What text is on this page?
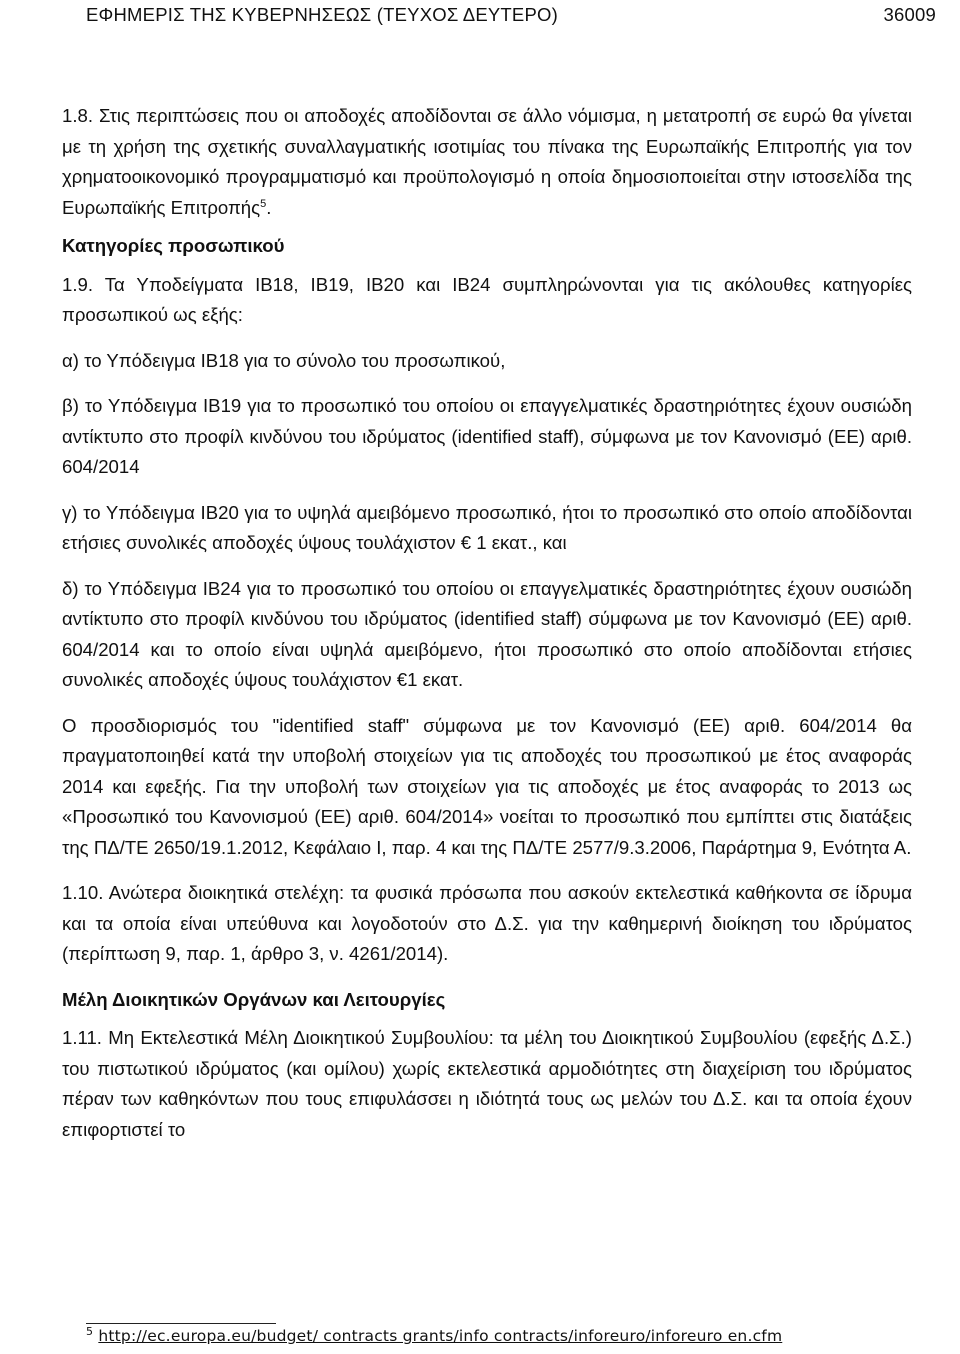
ΕΦΗΜΕΡΙΣ ΤΗΣ ΚΥΒΕΡΝΗΣΕΩΣ (ΤΕΥΧΟΣ ΔΕΥΤΕΡΟ)	36009

1.8. Στις περιπτώσεις που οι αποδοχές αποδίδονται σε άλλο νόμισμα, η μετατροπή σε ευρώ θα γίνεται με τη χρήση της σχετικής συναλλαγματικής ισοτιμίας του πίνακα της Ευρωπαϊκής Επιτροπής για τον χρηματοοικονομικό προγραμματισμό και προϋπολογισμό η οποία δημοσιοποιείται στην ιστοσελίδα της Ευρωπαϊκής Επιτροπής$^5$.

Κατηγορίες προσωπικού

1.9. Τα Υποδείγματα IB18, IB19, IB20 και IB24 συμπληρώνονται για τις ακόλουθες κατηγορίες προσωπικού ως εξής:

α) το Υπόδειγμα IB18 για το σύνολο του προσωπικού,

β) το Υπόδειγμα IB19 για το προσωπικό του οποίου οι επαγγελματικές δραστηριότητες έχουν ουσιώδη αντίκτυπο στο προφίλ κινδύνου του ιδρύματος (identified staff), σύμφωνα με τον Κανονισμό (ΕΕ) αριθ. 604/2014

γ) το Υπόδειγμα IB20 για το υψηλά αμειβόμενο προσωπικό, ήτοι το προσωπικό στο οποίο αποδίδονται ετήσιες συνολικές αποδοχές ύψους τουλάχιστον € 1 εκατ., και

δ) το Υπόδειγμα IB24 για το προσωπικό του οποίου οι επαγγελματικές δραστηριότητες έχουν ουσιώδη αντίκτυπο στο προφίλ κινδύνου του ιδρύματος (identified staff) σύμφωνα με τον Κανονισμό (ΕΕ) αριθ. 604/2014 και το οποίο είναι υψηλά αμειβόμενο, ήτοι προσωπικό στο οποίο αποδίδονται ετήσιες συνολικές αποδοχές ύψους τουλάχιστον €1 εκατ.

Ο προσδιορισμός του "identified staff" σύμφωνα με τον Κανονισμό (ΕΕ) αριθ. 604/2014 θα πραγματοποιηθεί κατά την υποβολή στοιχείων για τις αποδοχές του προσωπικού με έτος αναφοράς 2014 και εφεξής. Για την υποβολή των στοιχείων για τις αποδοχές με έτος αναφοράς το 2013 ως «Προσωπικό του Κανονισμού (ΕΕ) αριθ. 604/2014» νοείται το προσωπικό που εμπίπτει στις διατάξεις της ΠΔ/ΤΕ 2650/19.1.2012, Κεφάλαιο Ι, παρ. 4 και της ΠΔ/ΤΕ 2577/9.3.2006, Παράρτημα 9, Ενότητα Α.

1.10. Ανώτερα διοικητικά στελέχη: τα φυσικά πρόσωπα που ασκούν εκτελεστικά καθήκοντα σε ίδρυμα και τα οποία είναι υπεύθυνα και λογοδοτούν στο Δ.Σ. για την καθημερινή διοίκηση του ιδρύματος (περίπτωση 9, παρ. 1, άρθρο 3, ν. 4261/2014).

Μέλη Διοικητικών Οργάνων και Λειτουργίες

1.11. Μη Εκτελεστικά Μέλη Διοικητικού Συμβουλίου: τα μέλη του Διοικητικού Συμβουλίου (εφεξής Δ.Σ.) του πιστωτικού ιδρύματος (και ομίλου) χωρίς εκτελεστικά αρμοδιότητες στη διαχείριση του ιδρύματος πέραν των καθηκόντων που τους επιφυλάσσει η ιδιότητά τους ως μελών του Δ.Σ. και τα οποία έχουν επιφορτιστεί το

$^5$ http://ec.europa.eu/budget/ contracts grants/info contracts/inforeuro/inforeuro en.cfm
